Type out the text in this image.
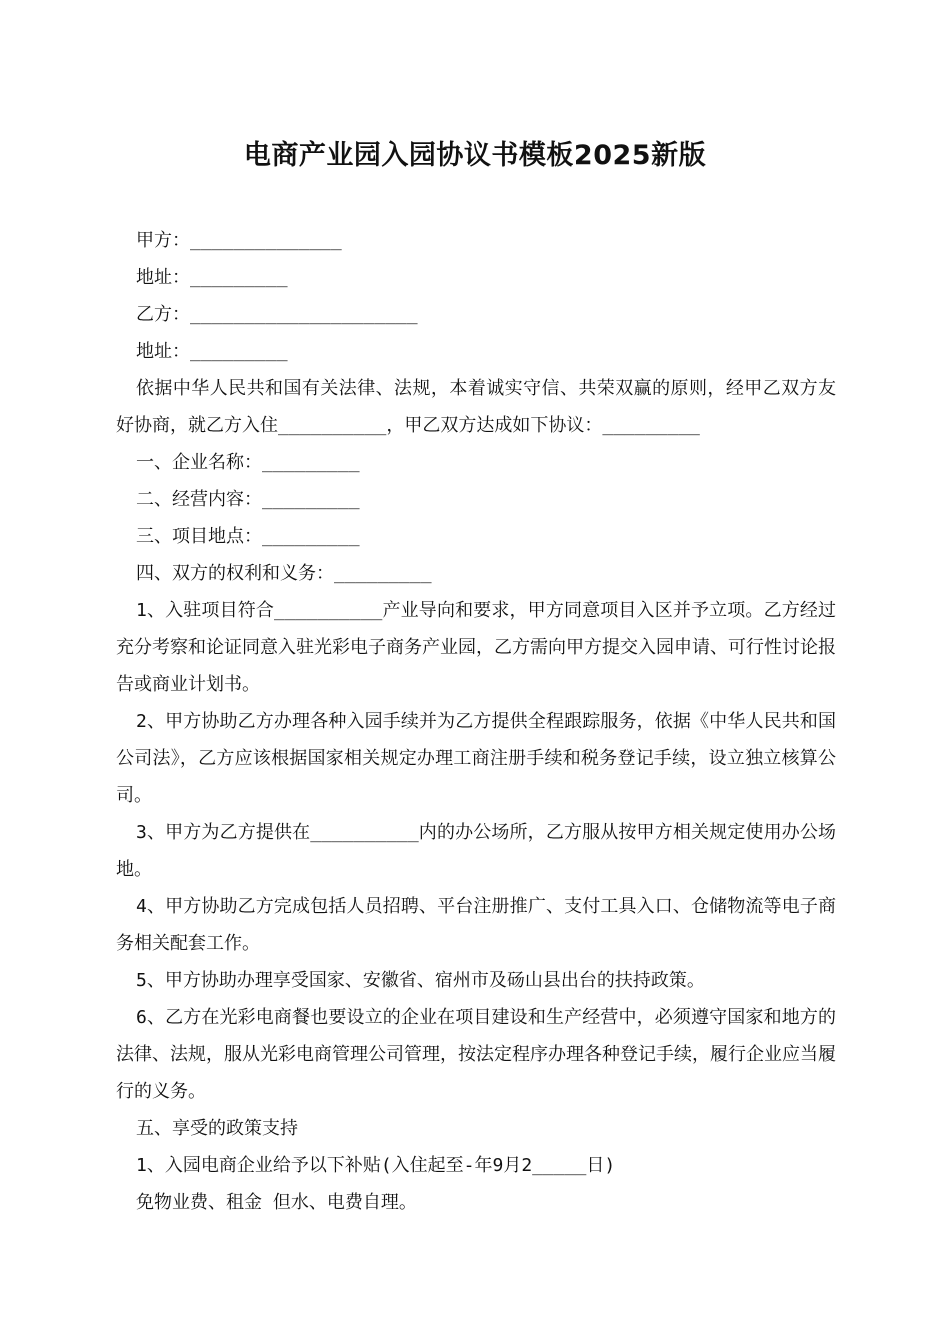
电商产业园入园协议书模板2025新版

甲方：______________

地址：_________

乙方：_____________________

地址：_________

依据中华人民共和国有关法律、法规，本着诚实守信、共荣双赢的原则，经甲乙双方友好协商，就乙方入住__________，甲乙双方达成如下协议：_________

一、企业名称：_________

二、经营内容：_________

三、项目地点：_________

四、双方的权利和义务：_________

1、入驻项目符合__________产业导向和要求，甲方同意项目入区并予立项。乙方经过充分考察和论证同意入驻光彩电子商务产业园，乙方需向甲方提交入园申请、可行性讨论报告或商业计划书。

2、甲方协助乙方办理各种入园手续并为乙方提供全程跟踪服务，依据《中华人民共和国公司法》，乙方应该根据国家相关规定办理工商注册手续和税务登记手续，设立独立核算公司。

3、甲方为乙方提供在__________内的办公场所，乙方服从按甲方相关规定使用办公场地。

4、甲方协助乙方完成包括人员招聘、平台注册推广、支付工具入口、仓储物流等电子商务相关配套工作。

5、甲方协助办理享受国家、安徽省、宿州市及砀山县出台的扶持政策。

6、乙方在光彩电商餐也要设立的企业在项目建设和生产经营中，必须遵守国家和地方的法律、法规，服从光彩电商管理公司管理，按法定程序办理各种登记手续，履行企业应当履行的义务。

五、享受的政策支持

1、入园电商企业给予以下补贴(入住起至-年9月2_____日)

免物业费、租金 但水、电费自理。
